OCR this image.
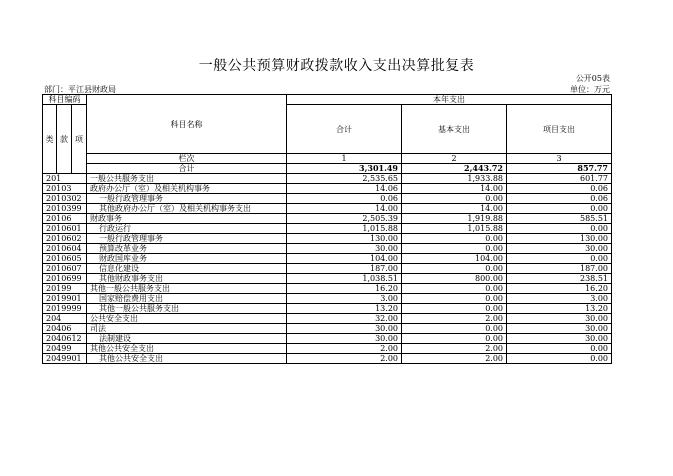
一般公共预算财政拨款收入支出决算批复表
公开05表
部门：平江县财政局	单位：万元
科目编码			科目名称	本年支出		
				合计	基本支出	项目支出
类	款	项				
			栏次	1	2	3
			合计	3,301.49	2,443.72	857.77
201			一般公共服务支出	2,535.65	1,933.88	601.77
20103			政府办公厅（室）及相关机构事务	14.06	14.00	0.06
2010302			一般行政管理事务	0.06	0.00	0.06
2010399			其他政府办公厅（室）及相关机构事务支出	14.00	14.00	0.00
20106			财政事务	2,505.39	1,919.88	585.51
2010601			行政运行	1,015.88	1,015.88	0.00
2010602			一般行政管理事务	130.00	0.00	130.00
2010604			预算改革业务	30.00	0.00	30.00
2010605			财政国库业务	104.00	104.00	0.00
2010607			信息化建设	187.00	0.00	187.00
2010699			其他财政事务支出	1,038.51	800.00	238.51
20199			其他一般公共服务支出	16.20	0.00	16.20
2019901			国家赔偿费用支出	3.00	0.00	3.00
2019999			其他一般公共服务支出	13.20	0.00	13.20
204			公共安全支出	32.00	2.00	30.00
20406			司法	30.00	0.00	30.00
2040612			法制建设	30.00	0.00	30.00
20499			其他公共安全支出	2.00	2.00	0.00
2049901			其他公共安全支出	2.00	2.00	0.00
